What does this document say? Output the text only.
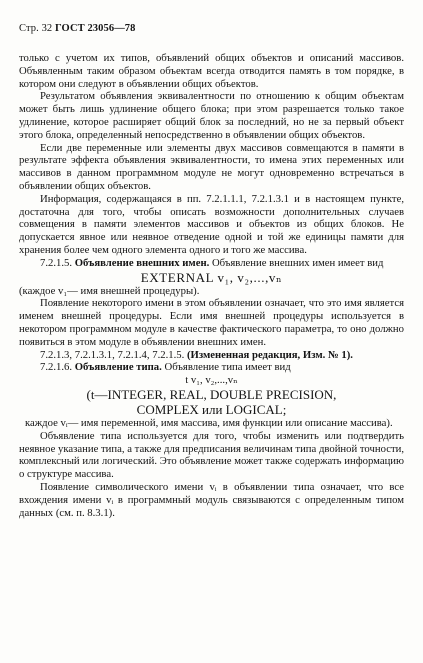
Стр. 32 ГОСТ 23056—78

только с учетом их типов, объявлений общих объектов и описаний массивов. Объявленным таким образом объектам всегда отводится память в том порядке, в котором они следуют в объявлении общих объектов.

Результатом объявления эквивалентности по отношению к общим объектам может быть лишь удлинение общего блока; при этом разрешается только такое удлинение, которое расширяет общий блок за последний, но не за первый объект этого блока, определенный непосредственно в объявлении общих объектов.

Если две переменные или элементы двух массивов совмещаются в памяти в результате эффекта объявления эквивалентности, то имена этих переменных или массивов в данном программном модуле не могут одновременно встречаться в объявлении общих объектов.

Информация, содержащаяся в пп. 7.2.1.1.1, 7.2.1.3.1 и в настоящем пункте, достаточна для того, чтобы описать возможности дополнительных случаев совмещения в памяти элементов массивов и объектов из общих блоков. Не допускается явное или неявное отведение одной и той же единицы памяти для хранения более чем одного элемента одного и того же массива.

7.2.1.5. Объявление внешних имен. Объявление внешних имен имеет вид

EXTERNAL v₁, v₂,...,vₙ

(каждое v₁— имя внешней процедуры).

Появление некоторого имени в этом объявлении означает, что это имя является именем внешней процедуры. Если имя внешней процедуры используется в некотором программном модуле в качестве фактического параметра, то оно должно появиться в этом модуле в объявлении внешних имен.

7.2.1.3, 7.2.1.3.1, 7.2.1.4, 7.2.1.5. (Измененная редакция, Изм. № 1).

7.2.1.6. Объявление типа. Объявление типа имеет вид

t v₁, v₂,...,vₙ

(t—INTEGER, REAL, DOUBLE PRECISION,

COMPLEX или LOGICAL;

каждое vᵢ— имя переменной, имя массива, имя функции или описание массива).

Объявление типа используется для того, чтобы изменить или подтвердить неявное указание типа, а также для предписания величинам типа двойной точности, комплексный или логический. Это объявление может также содержать информацию о структуре массива.

Появление символического имени vᵢ в объявлении типа означает, что все вхождения имени vᵢ в программный модуль связываются с определенным типом данных (см. п. 8.3.1).
